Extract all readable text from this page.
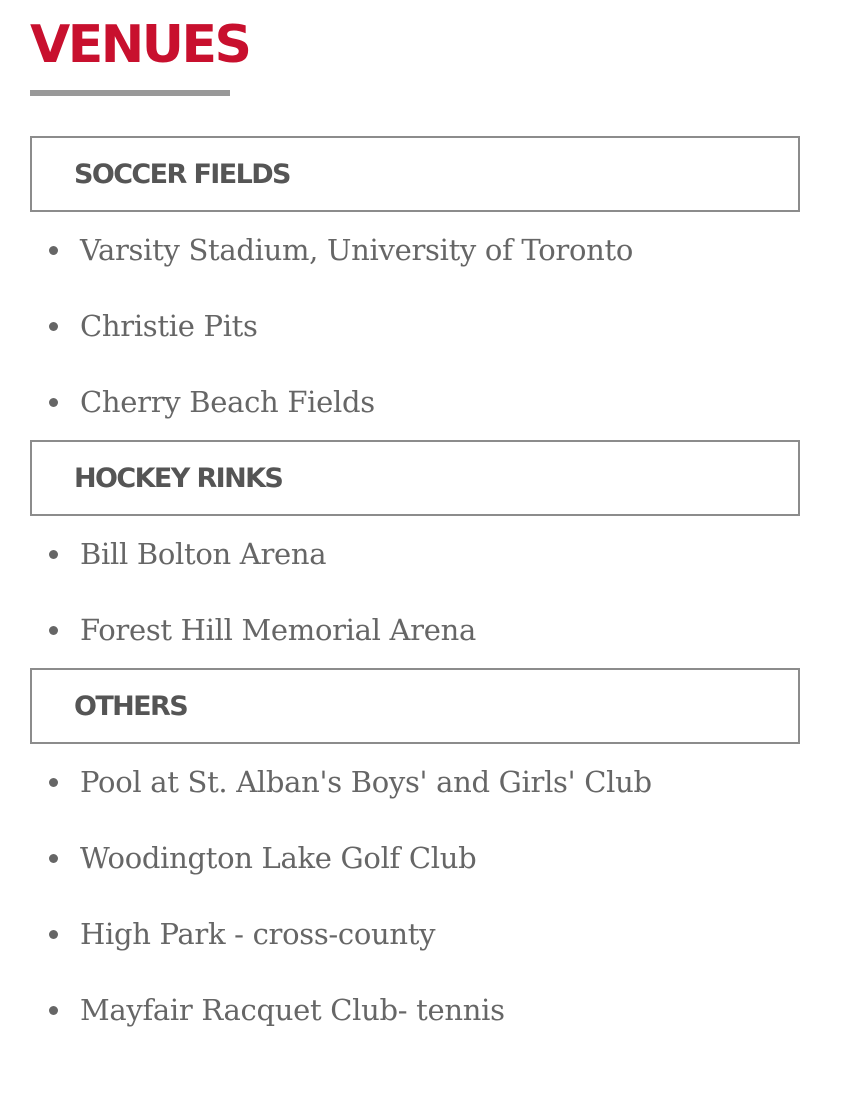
VENUES
SOCCER FIELDS
Varsity Stadium, University of Toronto
Christie Pits
Cherry Beach Fields
HOCKEY RINKS
Bill Bolton Arena
Forest Hill Memorial Arena
OTHERS
Pool at St. Alban's Boys' and Girls' Club
Woodington Lake Golf Club
High Park - cross-county
Mayfair Racquet Club- tennis
